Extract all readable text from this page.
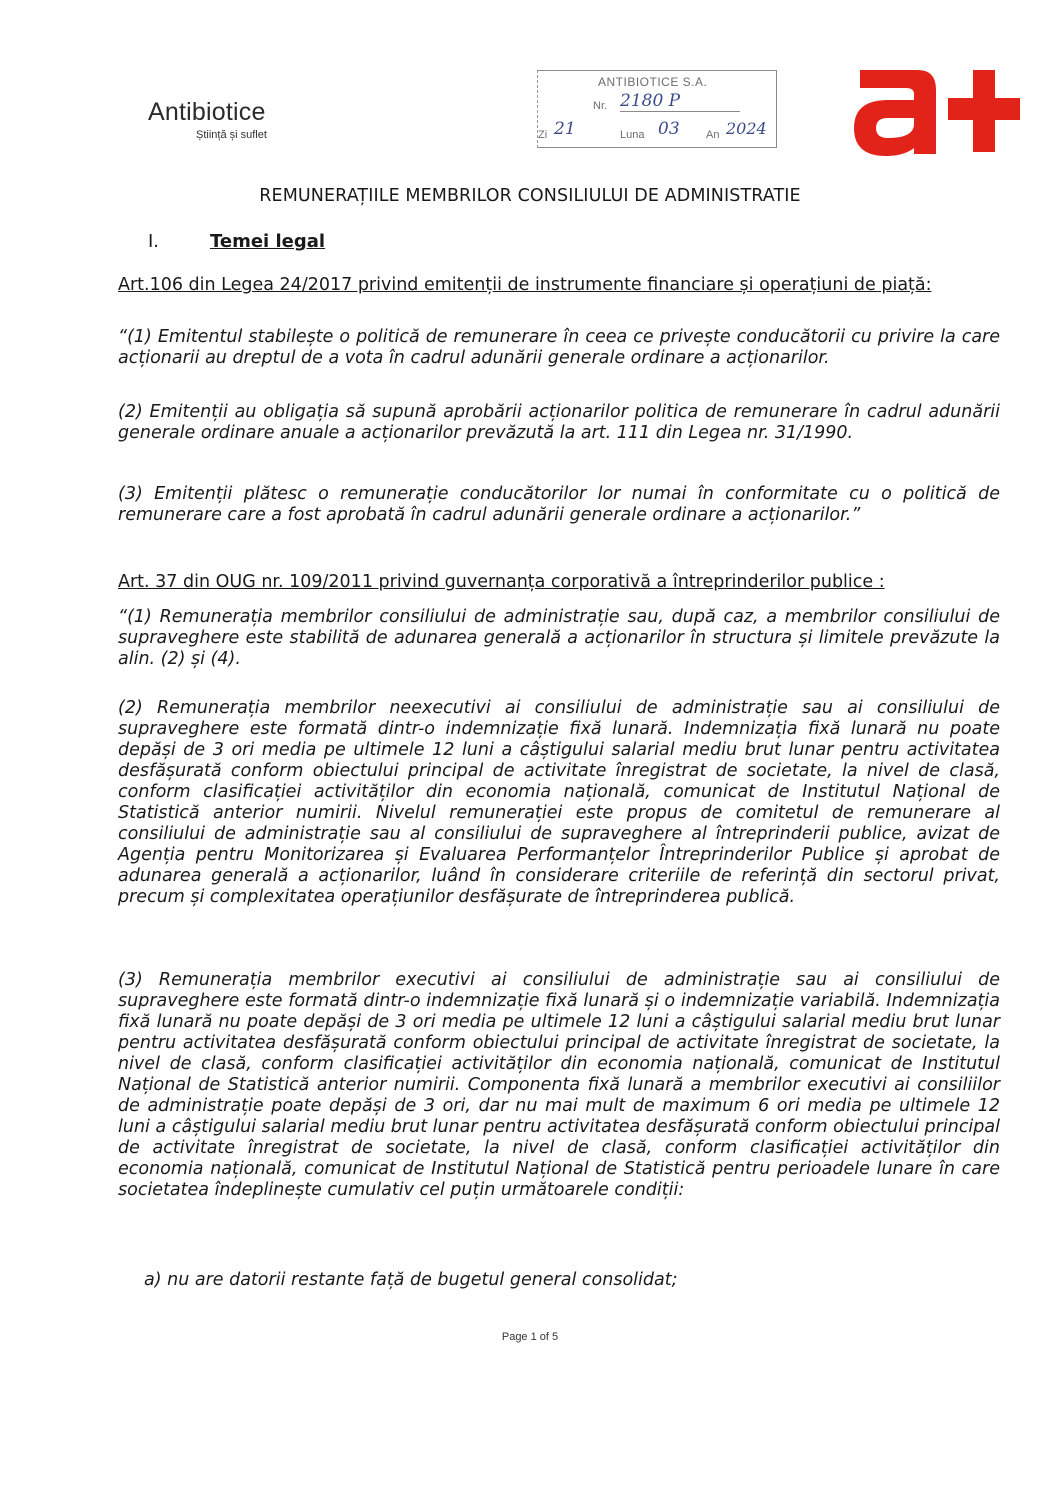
Antibiotice
Știință și suflet
ANTIBIOTICE S.A.
Nr. 2180 P
Zi 21	Luna 03 An 2024
REMUNERAȚIILE MEMBRILOR CONSILIULUI DE ADMINISTRATIE
I.	Temei legal
Art.106 din Legea 24/2017 privind emitenții de instrumente financiare și operațiuni de piață:
“(1) Emitentul stabilește o politică de remunerare în ceea ce privește conducătorii cu privire la care acționarii au dreptul de a vota în cadrul adunării generale ordinare a acționarilor.
(2) Emitenții au obligația să supună aprobării acționarilor politica de remunerare în cadrul adunării generale ordinare anuale a acționarilor prevăzută la art. 111 din Legea nr. 31/1990.
(3) Emitenții plătesc o remunerație conducătorilor lor numai în conformitate cu o politică de remunerare care a fost aprobată în cadrul adunării generale ordinare a acționarilor.”
Art. 37 din OUG nr. 109/2011 privind guvernanța corporativă a întreprinderilor publice :
“(1) Remunerația membrilor consiliului de administrație sau, după caz, a membrilor consiliului de supraveghere este stabilită de adunarea generală a acționarilor în structura și limitele prevăzute la alin. (2) și (4).
(2) Remunerația membrilor neexecutivi ai consiliului de administrație sau ai consiliului de supraveghere este formată dintr-o indemnizație fixă lunară. Indemnizația fixă lunară nu poate depăși de 3 ori media pe ultimele 12 luni a câștigului salarial mediu brut lunar pentru activitatea desfășurată conform obiectului principal de activitate înregistrat de societate, la nivel de clasă, conform clasificației activităților din economia națională, comunicat de Institutul Național de Statistică anterior numirii. Nivelul remunerației este propus de comitetul de remunerare al consiliului de administrație sau al consiliului de supraveghere al întreprinderii publice, avizat de Agenția pentru Monitorizarea și Evaluarea Performanțelor Întreprinderilor Publice și aprobat de adunarea generală a acționarilor, luând în considerare criteriile de referință din sectorul privat, precum și complexitatea operațiunilor desfășurate de întreprinderea publică.
(3) Remunerația membrilor executivi ai consiliului de administrație sau ai consiliului de supraveghere este formată dintr-o indemnizație fixă lunară și o indemnizație variabilă. Indemnizația fixă lunară nu poate depăși de 3 ori media pe ultimele 12 luni a câștigului salarial mediu brut lunar pentru activitatea desfășurată conform obiectului principal de activitate înregistrat de societate, la nivel de clasă, conform clasificației activităților din economia națională, comunicat de Institutul Național de Statistică anterior numirii. Componenta fixă lunară a membrilor executivi ai consiliilor de administrație poate depăși de 3 ori, dar nu mai mult de maximum 6 ori media pe ultimele 12 luni a câștigului salarial mediu brut lunar pentru activitatea desfășurată conform obiectului principal de activitate înregistrat de societate, la nivel de clasă, conform clasificației activităților din economia națională, comunicat de Institutul Național de Statistică pentru perioadele lunare în care societatea îndeplinește cumulativ cel puțin următoarele condiții:
a) nu are datorii restante față de bugetul general consolidat;
Page 1 of 5
